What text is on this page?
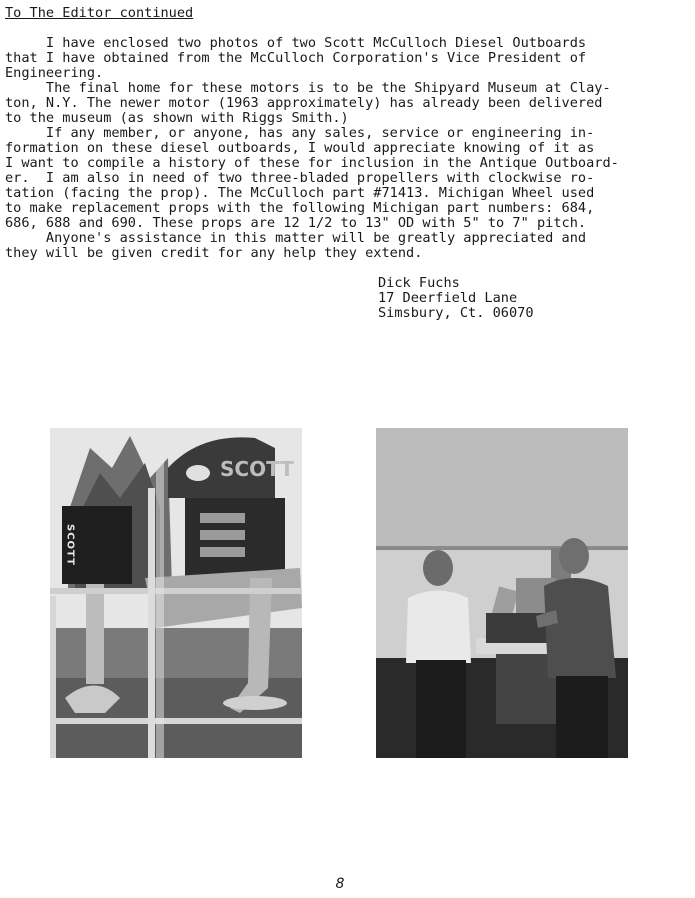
To The Editor continued
I have enclosed two photos of two Scott McCulloch Diesel Outboards
that I have obtained from the McCulloch Corporation's Vice President of
Engineering.
The final home for these motors is to be the Shipyard Museum at Clay-
ton, N.Y. The newer motor (1963 approximately) has already been delivered
to the museum (as shown with Riggs Smith.)
If any member, or anyone, has any sales, service or engineering in-
formation on these diesel outboards, I would appreciate knowing of it as
I want to compile a history of these for inclusion in the Antique Outboard-
er.  I am also in need of two three-bladed propellers with clockwise ro-
tation (facing the prop). The McCulloch part #71413. Michigan Wheel used
to make replacement props with the following Michigan part numbers: 684,
686, 688 and 690. These props are 12 1/2 to 13" OD with 5" to 7" pitch.
Anyone's assistance in this matter will be greatly appreciated and
they will be given credit for any help they extend.
Dick Fuchs
17 Deerfield Lane
Simsbury, Ct. 06070
SCOTT
SCOTT
8
